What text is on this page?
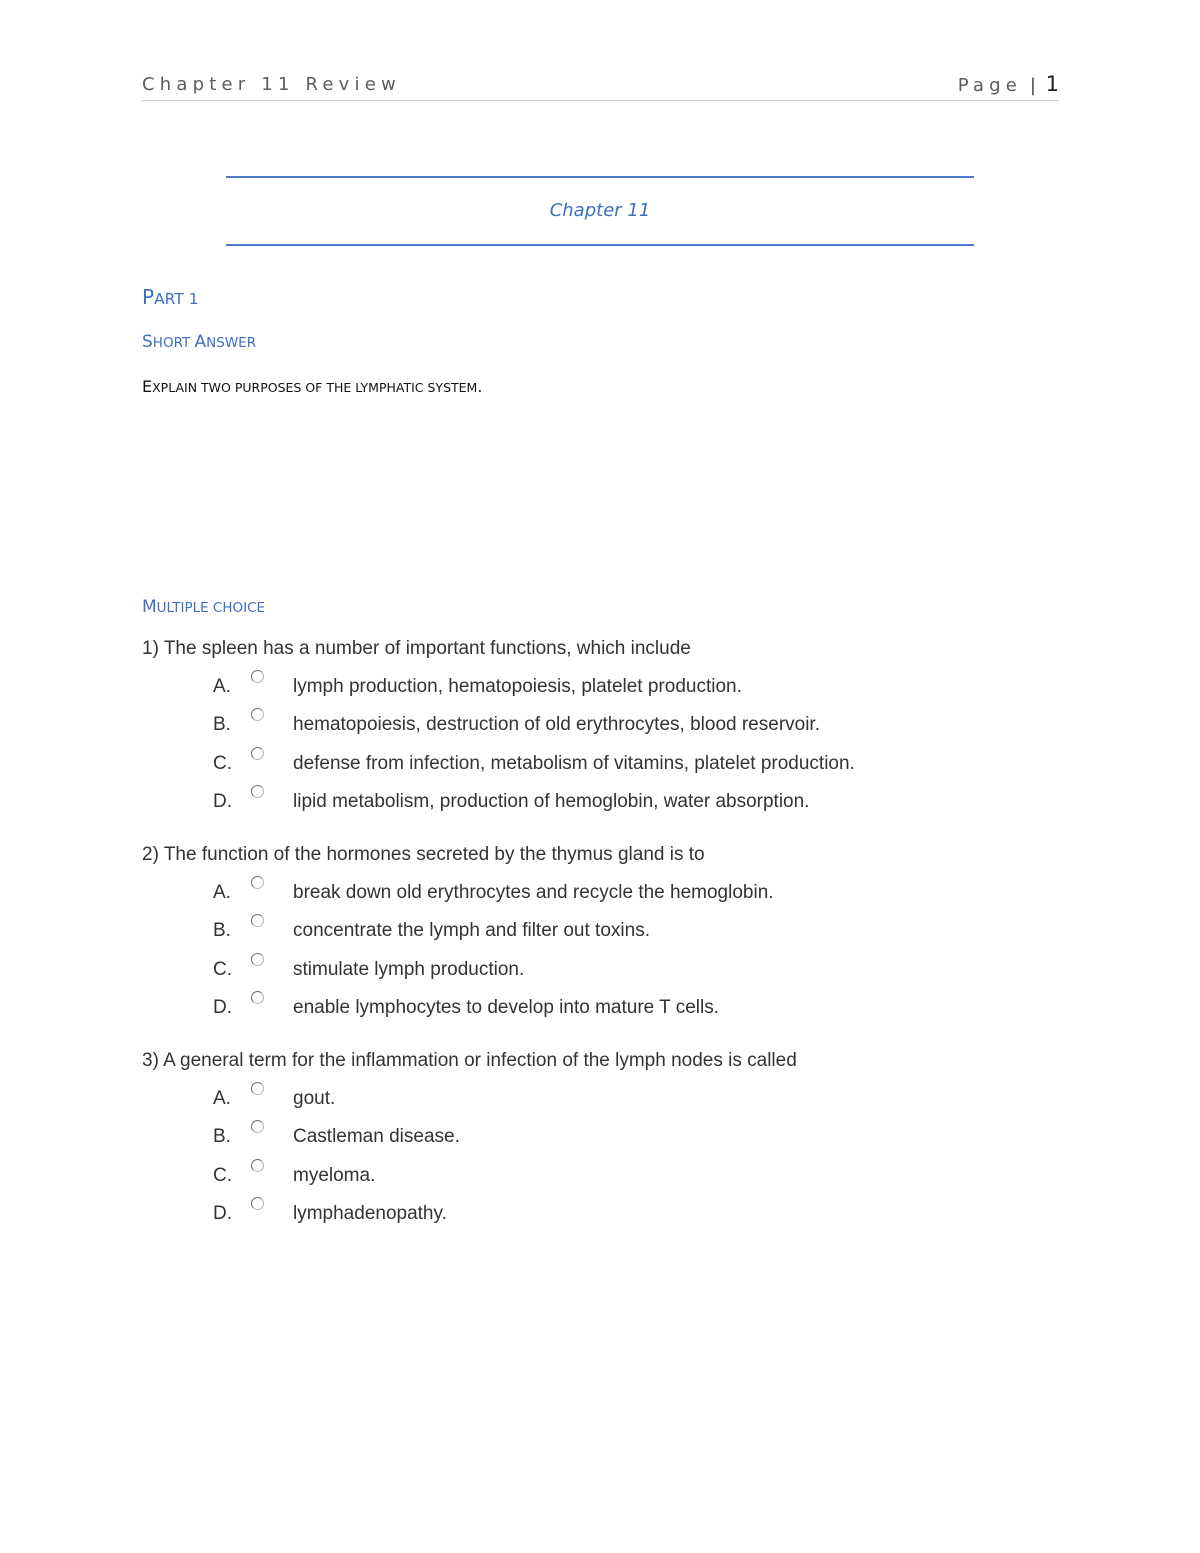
Chapter 11 Review	Page | 1
Chapter 11
PART 1
SHORT ANSWER
EXPLAIN TWO PURPOSES OF THE LYMPHATIC SYSTEM.
MULTIPLE CHOICE
1) The spleen has a number of important functions, which include
A.	lymph production, hematopoiesis, platelet production.
B.	hematopoiesis, destruction of old erythrocytes, blood reservoir.
C.	defense from infection, metabolism of vitamins, platelet production.
D.	lipid metabolism, production of hemoglobin, water absorption.
2) The function of the hormones secreted by the thymus gland is to
A.	break down old erythrocytes and recycle the hemoglobin.
B.	concentrate the lymph and filter out toxins.
C.	stimulate lymph production.
D.	enable lymphocytes to develop into mature T cells.
3) A general term for the inflammation or infection of the lymph nodes is called
A.	gout.
B.	Castleman disease.
C.	myeloma.
D.	lymphadenopathy.
